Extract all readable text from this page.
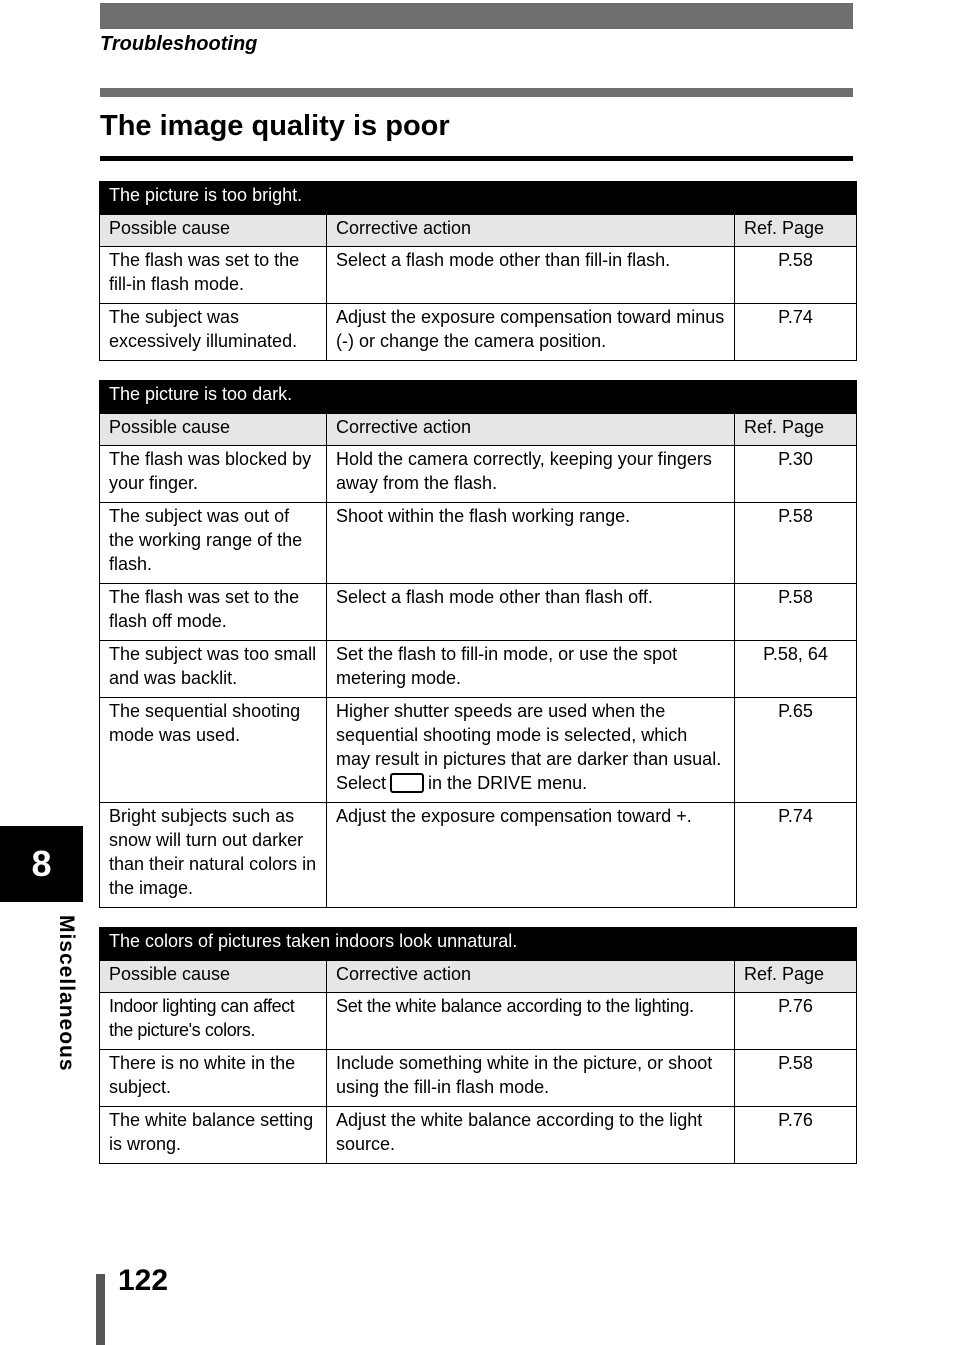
Troubleshooting
The image quality is poor
The picture is too bright.		
Possible cause	Corrective action	Ref. Page
The flash was set to the fill-in flash mode.	Select a flash mode other than fill-in flash.	P.58
The subject was excessively illuminated.	Adjust the exposure compensation toward minus (-) or change the camera position.	P.74
The picture is too dark.		
Possible cause	Corrective action	Ref. Page
The flash was blocked by your finger.	Hold the camera correctly, keeping your fingers away from the flash.	P.30
The subject was out of the working range of the flash.	Shoot within the flash working range.	P.58
The flash was set to the flash off mode.	Select a flash mode other than flash off.	P.58
The subject was too small and was backlit.	Set the flash to fill-in mode, or use the spot metering mode.	P.58, 64
The sequential shooting mode was used.	Higher shutter speeds are used when the sequential shooting mode is selected, which may result in pictures that are darker than usual. Select in the DRIVE menu.	P.65
Bright subjects such as snow will turn out darker than their natural colors in the image.	Adjust the exposure compensation toward +.	P.74
The colors of pictures taken indoors look unnatural.		
Possible cause	Corrective action	Ref. Page
Indoor lighting can affect the picture's colors.	Set the white balance according to the lighting.	P.76
There is no white in the subject.	Include something white in the picture, or shoot using the fill-in flash mode.	P.58
The white balance setting is wrong.	Adjust the white balance according to the light source.	P.76
8
Miscellaneous
122
